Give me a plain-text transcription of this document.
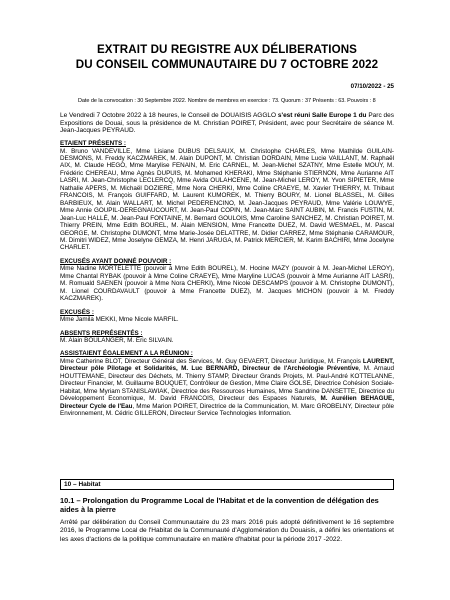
EXTRAIT DU REGISTRE AUX DÉLIBERATIONS
DU CONSEIL COMMUNAUTAIRE DU 7 OCTOBRE 2022
07/10/2022 - 25
Date de la convocation : 30 Septembre 2022. Nombre de membres en exercice : 73. Quorum : 37 Présents : 63. Pouvoirs : 8

Le Vendredi 7 Octobre 2022 à 18 heures, le Conseil de DOUAISIS AGGLO s'est réuni Salle Europe 1 du Parc des Expositions de Douai, sous la présidence de M. Christian POIRET, Président, avec pour Secrétaire de séance M. Jean-Jacques PEYRAUD.

ETAIENT PRÉSENTS :

M. Bruno VANDEVILLE, Mme Lisiane DUBUS DELSAUX, M. Christophe CHARLES, Mme Mathilde GUILAIN-DESMONS, M. Freddy KACZMAREK, M. Alain DUPONT, M. Christian DORDAIN, Mme Lucie VAILLANT, M. Raphaël AIX, M. Claude HEGO, Mme Marylise FENAIN, M. Eric CARNEL, M. Jean-Michel SZATNY, Mme Estelle MOUY, M. Frédéric CHEREAU, Mme Agnès DUPUIS, M. Mohamed KHERAKI, Mme Stéphanie STIERNON, Mme Aurianne AIT LASRI, M. Jean-Christophe LECLERCQ, Mme Avida OULAHCENE, M. Jean-Michel LEROY, M. Yvon SIPIETER, Mme Nathalie APERS, M. Michaël DOZIERE, Mme Nora CHERKI, Mme Coline CRAEYE, M. Xavier THIERRY, M. Thibaut FRANCOIS, M. François GUIFFARD, M. Laurent KUMOREK, M. Thierry BOURY, M. Lionel BLASSEL, M. Gilles BARBIEUX, M. Alain WALLART, M. Michel PEDERENCINO, M. Jean-Jacques PEYRAUD, Mme Valérie LOUWYE, Mme Annie GOUPIL-DEREGNAUCOURT, M. Jean-Paul COPIN, M. Jean-Marc SAINT AUBIN, M. Francis FUSTIN, M. Jean-Luc HALLÉ, M. Jean-Paul FONTAINE, M. Bernard GOULOIS, Mme Caroline SANCHEZ, M. Christian POIRET, M. Thierry PREIN, Mme Edith BOUREL, M. Alain MENSION, Mme Francette DUEZ, M. David WESMAEL, M. Pascal GEORGE, M. Christophe DUMONT, Mme Marie-Josée DELATTRE, M. Didier CARREZ, Mme Stéphanie CARAMOUR, M. Dimitri WIDEZ, Mme Joselyne GEMZA, M. Henri JARUGA, M. Patrick MERCIER, M. Karim BACHIRI, Mme Jocelyne CHARLET.

EXCUSÉS AYANT DONNÉ POUVOIR :

Mme Nadine MORTELETTE (pouvoir à Mme Edith BOUREL), M. Hocine MAZY (pouvoir à M. Jean-Michel LEROY), Mme Chantal RYBAK (pouvoir à Mme Coline CRAEYE), Mme Maryline LUCAS (pouvoir à Mme Aurianne AIT LASRI), M. Romuald SAENEN (pouvoir à Mme Nora CHERKI), Mme Nicole DESCAMPS (pouvoir à M. Christophe DUMONT), M. Lionel COURDAVAULT (pouvoir à Mme Francette DUEZ), M. Jacques MICHON (pouvoir à M. Freddy KACZMAREK).

EXCUSÉS :

Mme Jamila MEKKI, Mme Nicole MARFIL.

ABSENTS REPRÉSENTÉS :

M. Alain BOULANGER, M. Eric SILVAIN.

ASSISTAIENT ÉGALEMENT A LA RÉUNION :

Mme Catherine BLOT, Directeur Général des Services, M. Guy GEVAERT, Directeur Juridique, M. François LAURENT, Directeur pôle Pilotage et Solidarités, M. Luc BERNARD, Directeur de l'Archéologie Préventive, M. Arnaud HOUTTEMANE, Directeur des Déchets, M. Thierry STAMP, Directeur Grands Projets, M. Paul-André KOTTELANNE, Directeur Financier, M. Guillaume BOUQUET, Contrôleur de Gestion, Mme Claire GOLSE, Directrice Cohésion Sociale-Habitat, Mme Myriam STANISLAWIAK, Directrice des Ressources Humaines, Mme Sandrine DANSETTE, Directrice du Développement Economique, M. David FRANCOIS, Directeur des Espaces Naturels, M. Aurélien BEHAGUE, Directeur Cycle de l'Eau, Mme Marion POIRET, Directrice de la Communication, M. Marc GROBELNY, Directeur pôle Environnement, M. Cédric GILLERON, Directeur Service Technologies Information.

10 – Habitat
10.1 – Prolongation du Programme Local de l'Habitat et de la convention de délégation des aides à la pierre

Arrêté par délibération du Conseil Communautaire du 23 mars 2016 puis adopté définitivement le 16 septembre 2016, le Programme Local de l'Habitat de la Communauté d'Agglomération du Douaisis, a défini les orientations et les axes d'actions de la politique communautaire en matière d'habitat pour la période 2017 -2022.
